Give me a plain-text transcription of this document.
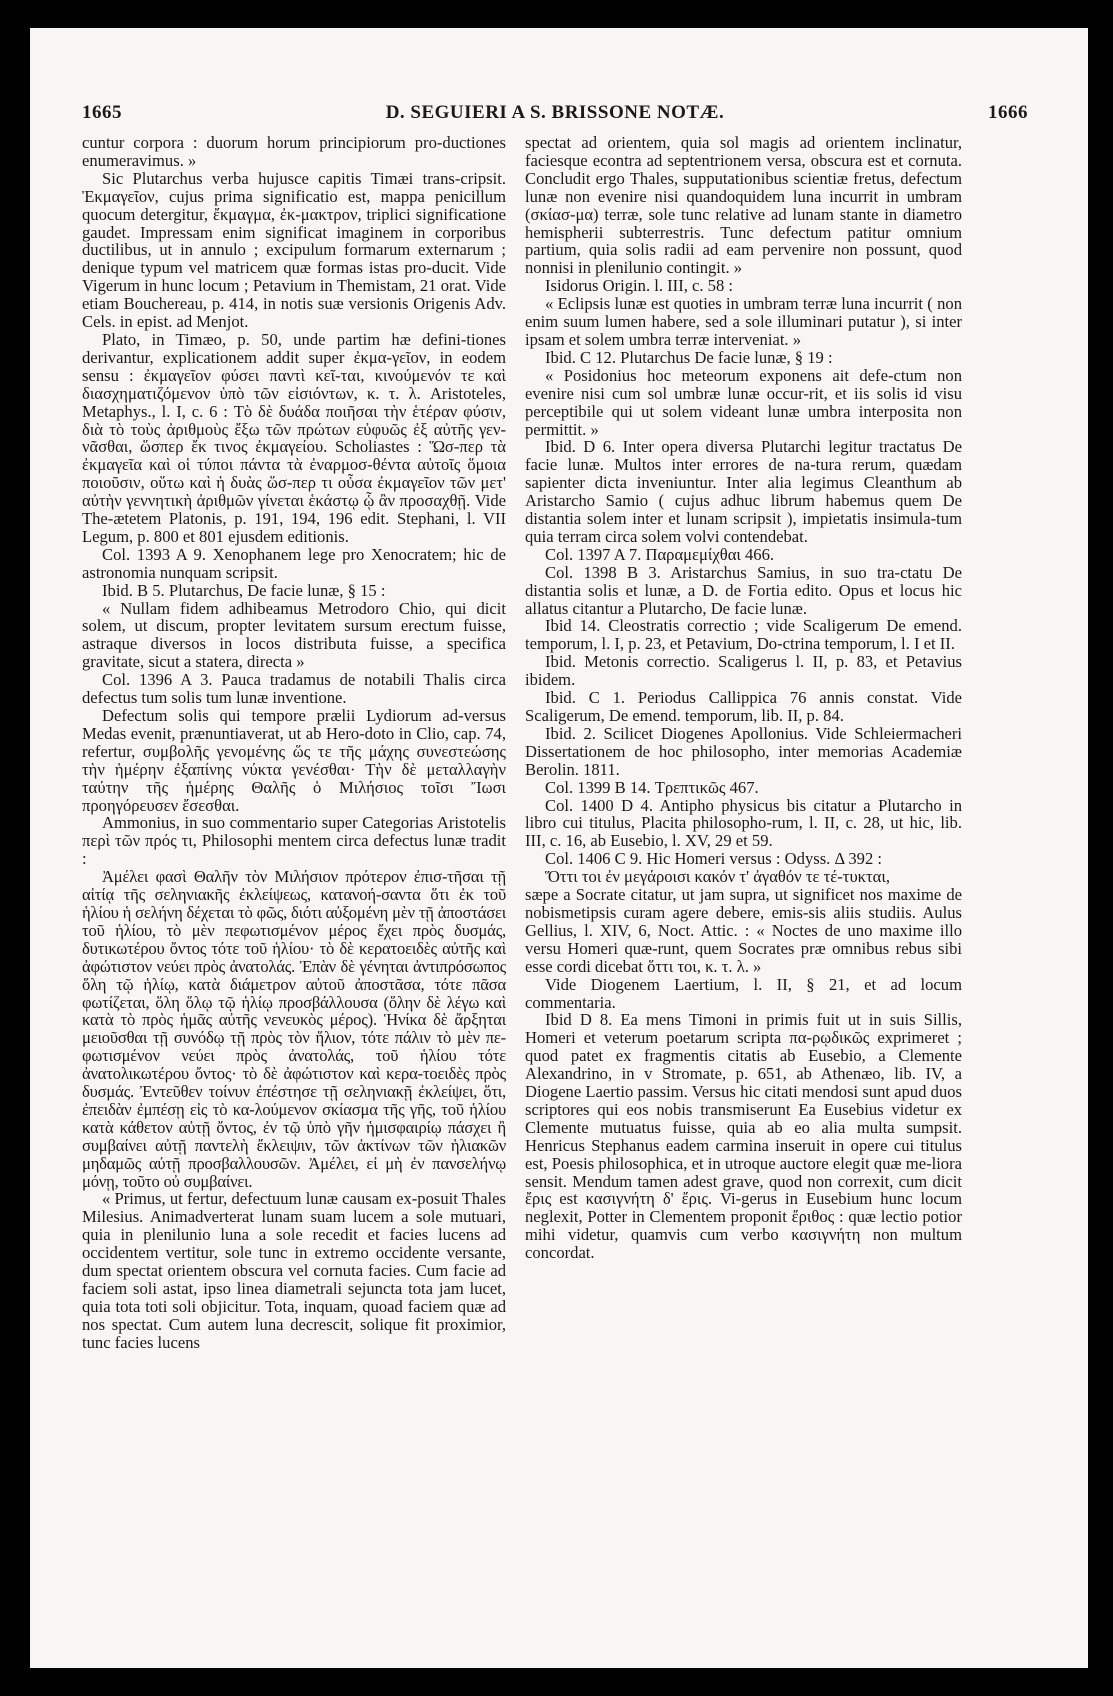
1665	D. SEGUIERI A S. BRISSONE NOTÆ.	1666

cuntur corpora : duorum horum principiorum pro-ductiones enumeravimus. »

Sic Plutarchus verba hujusce capitis Timæi trans-cripsit. Ἐκμαγεῖον, cujus prima significatio est, mappa penicillum quocum detergitur, ἔκμαγμα, ἐκ-μακτρον, triplici significatione gaudet. Impressam enim significat imaginem in corporibus ductilibus, ut in annulo ; excipulum formarum externarum ; denique typum vel matricem quæ formas istas pro-ducit. Vide Vigerum in hunc locum ; Petavium in Themistam, 21 orat. Vide etiam Bouchereau, p. 414, in notis suæ versionis Origenis Adv. Cels. in epist. ad Menjot.

Plato, in Timæo, p. 50, unde partim hæ defini-tiones derivantur, explicationem addit super ἐκμα-γεῖον, in eodem sensu : ἐκμαγεῖον φύσει παντὶ κεῖ-ται, κινούμενόν τε καὶ διασχηματιζόμενον ὑπὸ τῶν εἰσιόντων, κ. τ. λ. Aristoteles, Metaphys., l. I, c. 6 : Τὸ δὲ δυάδα ποιῆσαι τὴν ἑτέραν φύσιν, διὰ τὸ τοὺς ἀριθμοὺς ἔξω τῶν πρώτων εὐφυῶς ἐξ αὐτῆς γεν-νᾶσθαι, ὥσπερ ἔκ τινος ἐκμαγείου. Scholiastes : Ὥσ-περ τὰ ἐκμαγεῖα καὶ οἱ τύποι πάντα τὰ ἐναρμοσ-θέντα αὐτοῖς ὅμοια ποιοῦσιν, οὕτω καὶ ἡ δυὰς ὥσ-περ τι οὖσα ἐκμαγεῖον τῶν μετ' αὐτὴν γεννητικὴ ἀριθμῶν γίνεται ἑκάστῳ ᾧ ἂν προσαχθῇ. Vide The-ætetem Platonis, p. 191, 194, 196 edit. Stephani, l. VII Legum, p. 800 et 801 ejusdem editionis.

Col. 1393 A 9. Xenophanem lege pro Xenocratem; hic de astronomia nunquam scripsit.

Ibid. B 5. Plutarchus, De facie lunæ, § 15 :

« Nullam fidem adhibeamus Metrodoro Chio, qui dicit solem, ut discum, propter levitatem sursum erectum fuisse, astraque diversos in locos distributa fuisse, a specifica gravitate, sicut a statera, directa »

Col. 1396 A 3. Pauca tradamus de notabili Thalis circa defectus tum solis tum lunæ inventione.

Defectum solis qui tempore prælii Lydiorum ad-versus Medas evenit, prænuntiaverat, ut ab Hero-doto in Clio, cap. 74, refertur, συμβολῆς γενομένης ὥς τε τῆς μάχης συνεστεώσης τὴν ἡμέρην ἐξαπίνης νύκτα γενέσθαι· Τὴν δὲ μεταλλαγὴν ταύτην τῆς ἡμέρης Θαλῆς ὁ Μιλήσιος τοῖσι Ἴωσι προηγόρευσεν ἔσεσθαι.

Ammonius, in suo commentario super Categorias Aristotelis περὶ τῶν πρός τι, Philosophi mentem circa defectus lunæ tradit :

Ἀμέλει φασὶ Θαλῆν τὸν Μιλήσιον πρότερον ἐπισ-τῆσαι τῇ αἰτίᾳ τῆς σεληνιακῆς ἐκλείψεως, κατανοή-σαντα ὅτι ἐκ τοῦ ἡλίου ἡ σελήνη δέχεται τὸ φῶς, διότι αὐξομένη μὲν τῇ ἀποστάσει τοῦ ἡλίου, τὸ μὲν πεφωτισμένον μέρος ἔχει πρὸς δυσμάς, δυτικωτέρου ὄντος τότε τοῦ ἡλίου· τὸ δὲ κερατοειδὲς αὐτῆς καὶ ἀφώτιστον νεύει πρὸς ἀνατολάς. Ἐπὰν δὲ γένηται ἀντιπρόσωπος ὅλη τῷ ἡλίῳ, κατὰ διάμετρον αὐτοῦ ἀποστᾶσα, τότε πᾶσα φωτίζεται, ὅλη ὅλῳ τῷ ἡλίῳ προσβάλλουσα (ὅλην δὲ λέγω καὶ κατὰ τὸ πρὸς ἡμᾶς αὐτῆς νενευκὸς μέρος). Ἡνίκα δὲ ἄρξηται μειοῦσθαι τῇ συνόδῳ τῇ πρὸς τὸν ἥλιον, τότε πάλιν τὸ μὲν πε-φωτισμένον νεύει πρὸς ἀνατολάς, τοῦ ἡλίου τότε ἀνατολικωτέρου ὄντος· τὸ δὲ ἀφώτιστον καὶ κερα-τοειδὲς πρὸς δυσμάς. Ἐντεῦθεν τοίνυν ἐπέστησε τῇ σεληνιακῇ ἐκλείψει, ὅτι, ἐπειδὰν ἐμπέσῃ εἰς τὸ κα-λούμενον σκίασμα τῆς γῆς, τοῦ ἡλίου κατὰ κάθετον αὐτῇ ὄντος, ἐν τῷ ὑπὸ γῆν ἡμισφαιρίῳ πάσχει ἢ συμβαίνει αὐτῇ παντελὴ ἔκλειψιν, τῶν ἀκτίνων τῶν ἡλιακῶν μηδαμῶς αὐτῇ προσβαλλουσῶν. Ἀμέλει, εἰ μὴ ἐν πανσελήνῳ μόνῃ, τοῦτο οὐ συμβαίνει.

« Primus, ut fertur, defectuum lunæ causam ex-posuit Thales Milesius. Animadverterat lunam suam lucem a sole mutuari, quia in plenilunio luna a sole recedit et facies lucens ad occidentem vertitur, sole tunc in extremo occidente versante, dum spectat orientem obscura vel cornuta facies. Cum facie ad faciem soli astat, ipso linea diametrali sejuncta tota jam lucet, quia tota toti soli objicitur. Tota, inquam, quoad faciem quæ ad nos spectat. Cum autem luna decrescit, solique fit proximior, tunc facies lucens

spectat ad orientem, quia sol magis ad orientem inclinatur, faciesque econtra ad septentrionem versa, obscura est et cornuta. Concludit ergo Thales, supputationibus scientiæ fretus, defectum lunæ non evenire nisi quandoquidem luna incurrit in umbram (σκίασ-μα) terræ, sole tunc relative ad lunam stante in diametro hemispherii subterrestris. Tunc defectum patitur omnium partium, quia solis radii ad eam pervenire non possunt, quod nonnisi in plenilunio contingit. »

Isidorus Origin. l. III, c. 58 :

« Eclipsis lunæ est quoties in umbram terræ luna incurrit ( non enim suum lumen habere, sed a sole illuminari putatur ), si inter ipsam et solem umbra terræ interveniat. »

Ibid. C 12. Plutarchus De facie lunæ, § 19 :

« Posidonius hoc meteorum exponens ait defe-ctum non evenire nisi cum sol umbræ lunæ occur-rit, et iis solis id visu perceptibile qui ut solem videant lunæ umbra interposita non permittit. »

Ibid. D 6. Inter opera diversa Plutarchi legitur tractatus De facie lunæ. Multos inter errores de na-tura rerum, quædam sapienter dicta inveniuntur. Inter alia legimus Cleanthum ab Aristarcho Samio ( cujus adhuc librum habemus quem De distantia solem inter et lunam scripsit ), impietatis insimula-tum quia terram circa solem volvi contendebat.

Col. 1397 A 7. Παραμεμίχθαι 466.

Col. 1398 B 3. Aristarchus Samius, in suo tra-ctatu De distantia solis et lunæ, a D. de Fortia edito. Opus et locus hic allatus citantur a Plutarcho, De facie lunæ.

Ibid 14. Cleostratis correctio ; vide Scaligerum De emend. temporum, l. I, p. 23, et Petavium, Do-ctrina temporum, l. I et II.

Ibid. Metonis correctio. Scaligerus l. II, p. 83, et Petavius ibidem.

Ibid. C 1. Periodus Callippica 76 annis constat. Vide Scaligerum, De emend. temporum, lib. II, p. 84.

Ibid. 2. Scilicet Diogenes Apollonius. Vide Schleiermacheri Dissertationem de hoc philosopho, inter memorias Academiæ Berolin. 1811.

Col. 1399 B 14. Τρεπτικῶς 467.

Col. 1400 D 4. Antipho physicus bis citatur a Plutarcho in libro cui titulus, Placita philosopho-rum, l. II, c. 28, ut hic, lib. III, c. 16, ab Eusebio, l. XV, 29 et 59.

Col. 1406 C 9. Hic Homeri versus : Odyss. Δ 392 :

Ὅττι τοι ἐν μεγάροισι κακόν τ' ἀγαθόν τε τέ-τυκται,

sæpe a Socrate citatur, ut jam supra, ut significet nos maxime de nobismetipsis curam agere debere, emis-sis aliis studiis. Aulus Gellius, l. XIV, 6, Noct. Attic. : « Noctes de uno maxime illo versu Homeri quæ-runt, quem Socrates præ omnibus rebus sibi esse cordi dicebat ὅττι τοι, κ. τ. λ. »

Vide Diogenem Laertium, l. II, § 21, et ad locum commentaria.

Ibid D 8. Ea mens Timoni in primis fuit ut in suis Sillis, Homeri et veterum poetarum scripta πα-ρῳδικῶς exprimeret ; quod patet ex fragmentis citatis ab Eusebio, a Clemente Alexandrino, in v Stromate, p. 651, ab Athenæo, lib. IV, a Diogene Laertio passim. Versus hic citati mendosi sunt apud duos scriptores qui eos nobis transmiserunt Ea Eusebius videtur ex Clemente mutuatus fuisse, quia ab eo alia multa sumpsit. Henricus Stephanus eadem carmina inseruit in opere cui titulus est, Poesis philosophica, et in utroque auctore elegit quæ me-liora sensit. Mendum tamen adest grave, quod non correxit, cum dicit ἔρις est κασιγνήτη δ' ἔρις. Vi-gerus in Eusebium hunc locum neglexit, Potter in Clementem proponit ἔριθος : quæ lectio potior mihi videtur, quamvis cum verbo κασιγνήτη non multum concordat.
